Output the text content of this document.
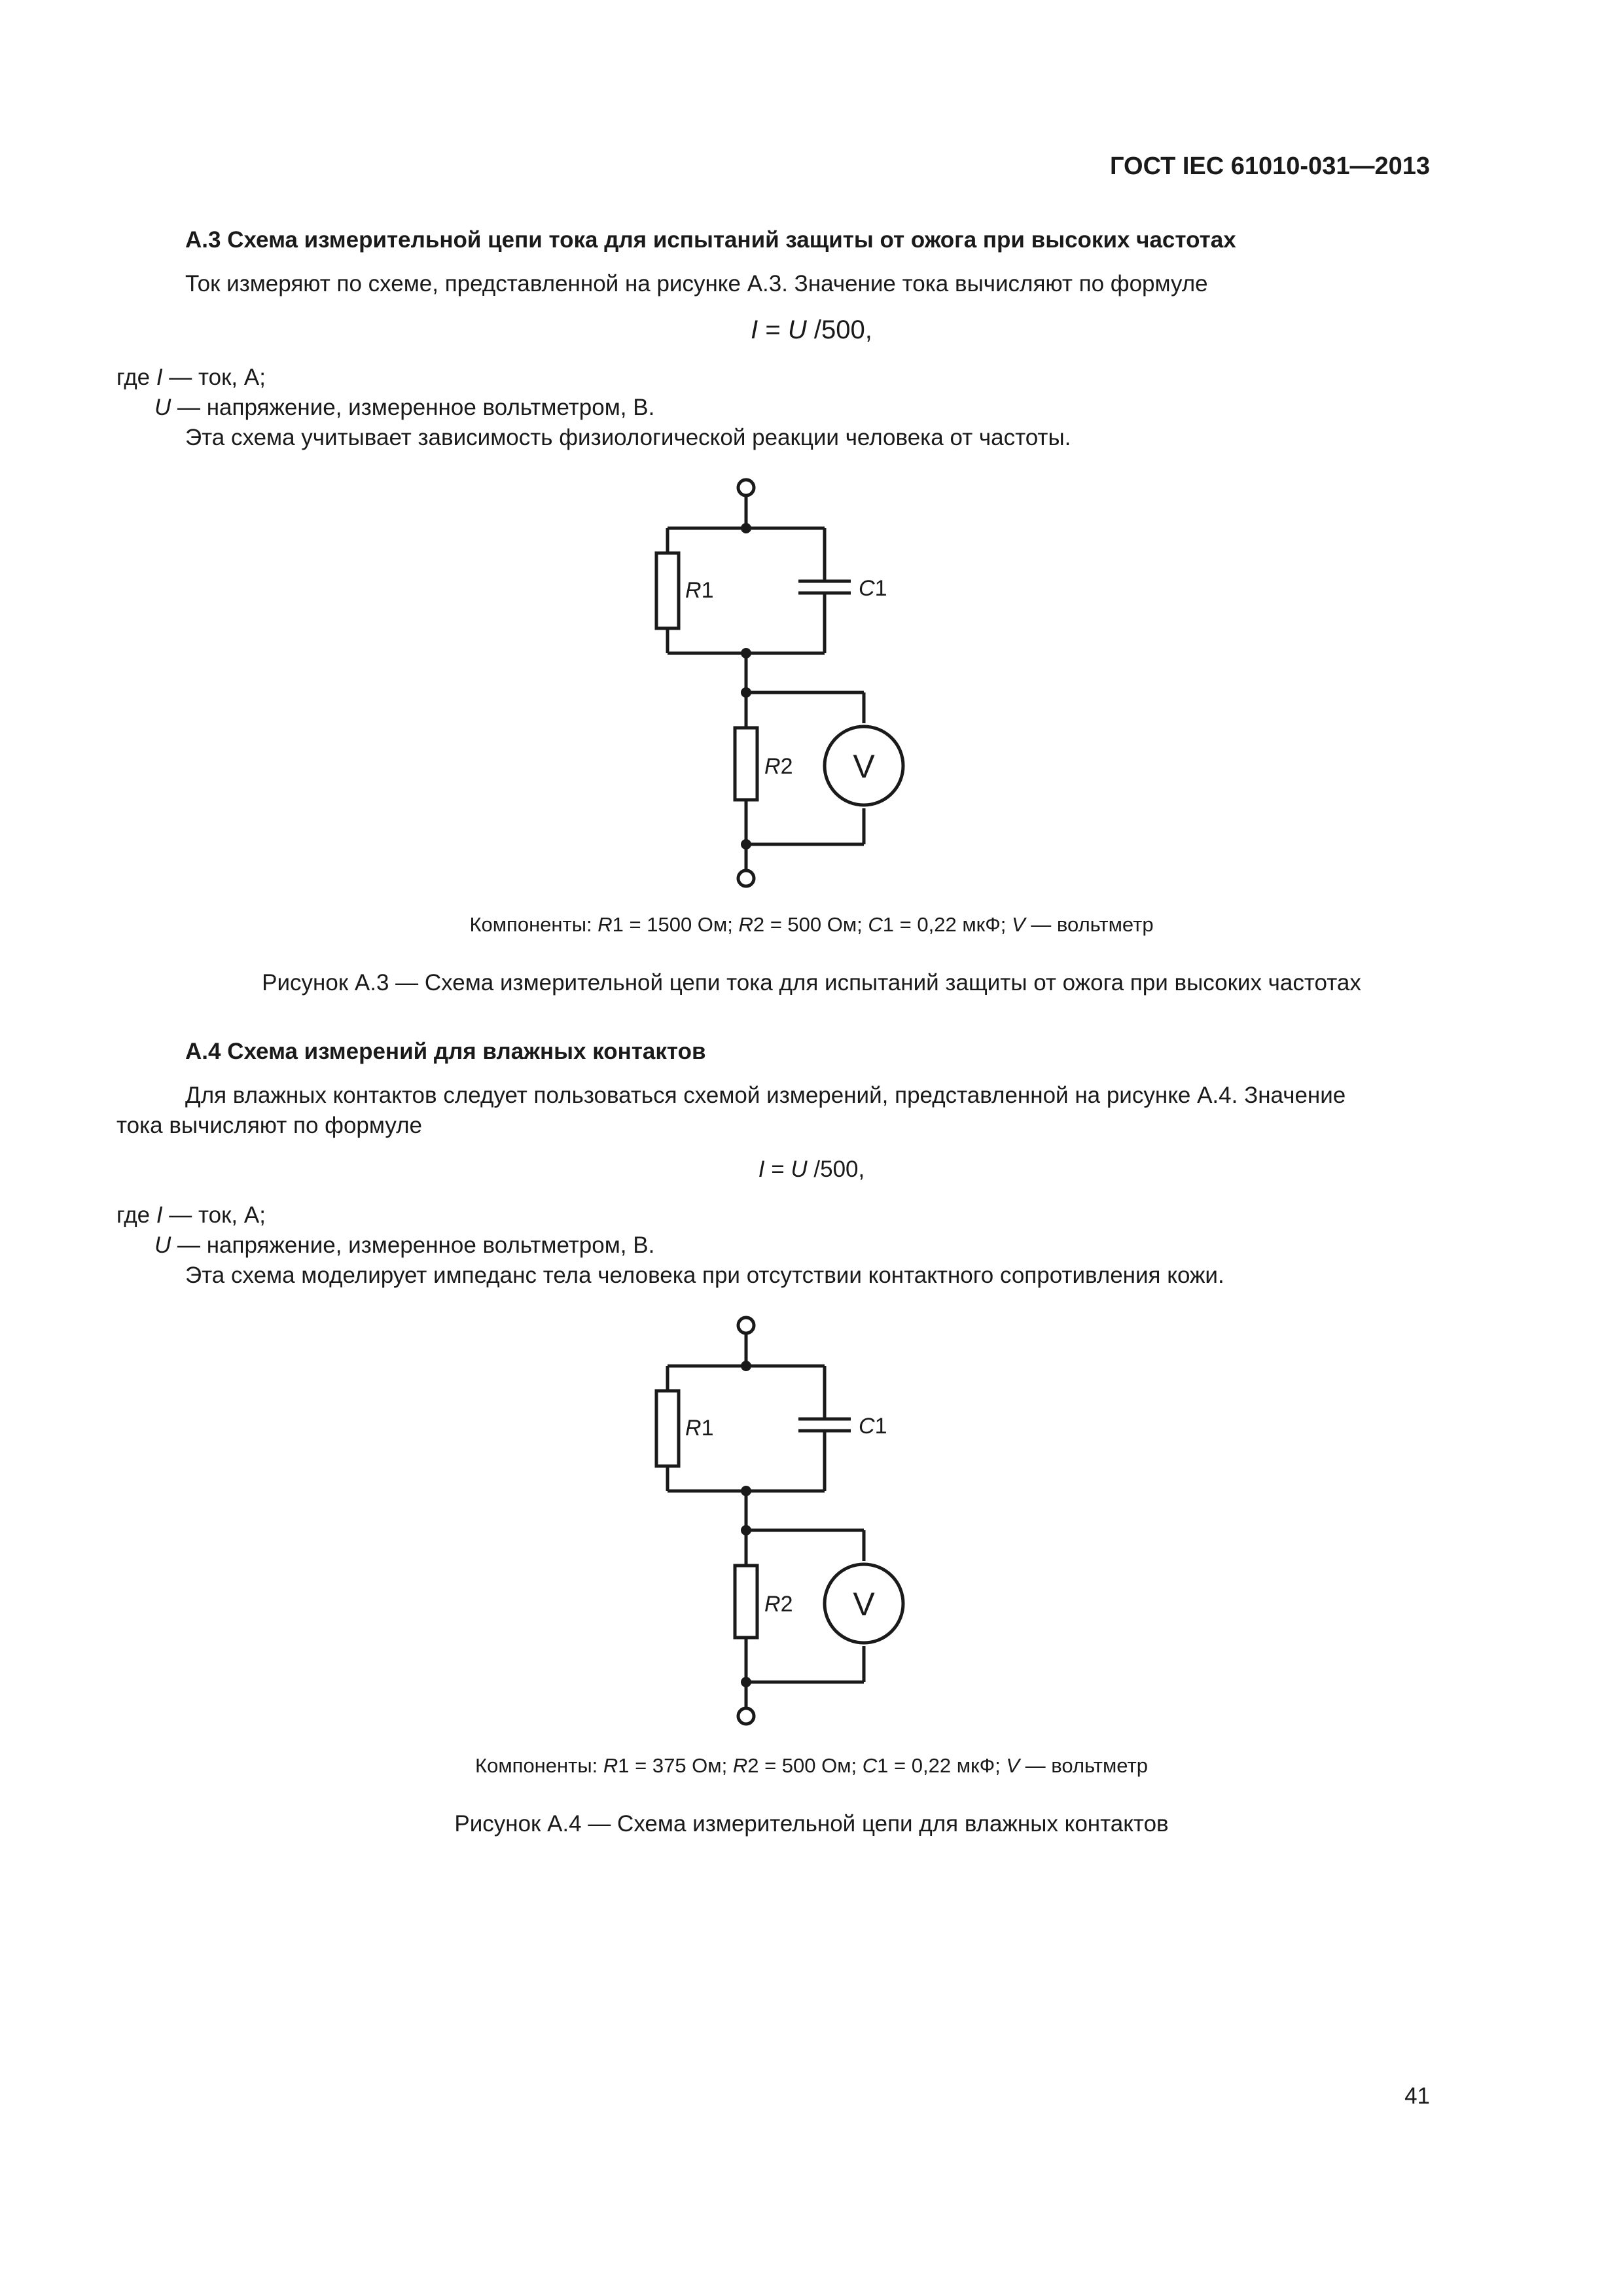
ГОСТ IEC 61010-031—2013
А.3 Схема измерительной цепи тока для испытаний защиты от ожога при высоких частотах
Ток измеряют по схеме, представленной на рисунке А.3. Значение тока вычисляют по формуле
I = U /500,
где I — ток, А;
U — напряжение, измеренное вольтметром, В.
Эта схема учитывает зависимость физиологической реакции человека от частоты.
R1	C1
R2 V
Компоненты: R1 = 1500 Ом; R2 = 500 Ом; C1 = 0,22 мкФ; V — вольтметр
Рисунок А.3 — Схема измерительной цепи тока для испытаний защиты от ожога при высоких частотах
А.4 Схема измерений для влажных контактов
Для влажных контактов следует пользоваться схемой измерений, представленной на рисунке А.4. Значение
тока вычисляют по формуле
I = U /500,
где I — ток, А;
U — напряжение, измеренное вольтметром, В.
Эта схема моделирует импеданс тела человека при отсутствии контактного сопротивления кожи.
R1	C1
R2 V
Компоненты: R1 = 375 Ом; R2 = 500 Ом; C1 = 0,22 мкФ; V — вольтметр
Рисунок А.4 — Схема измерительной цепи для влажных контактов
41
